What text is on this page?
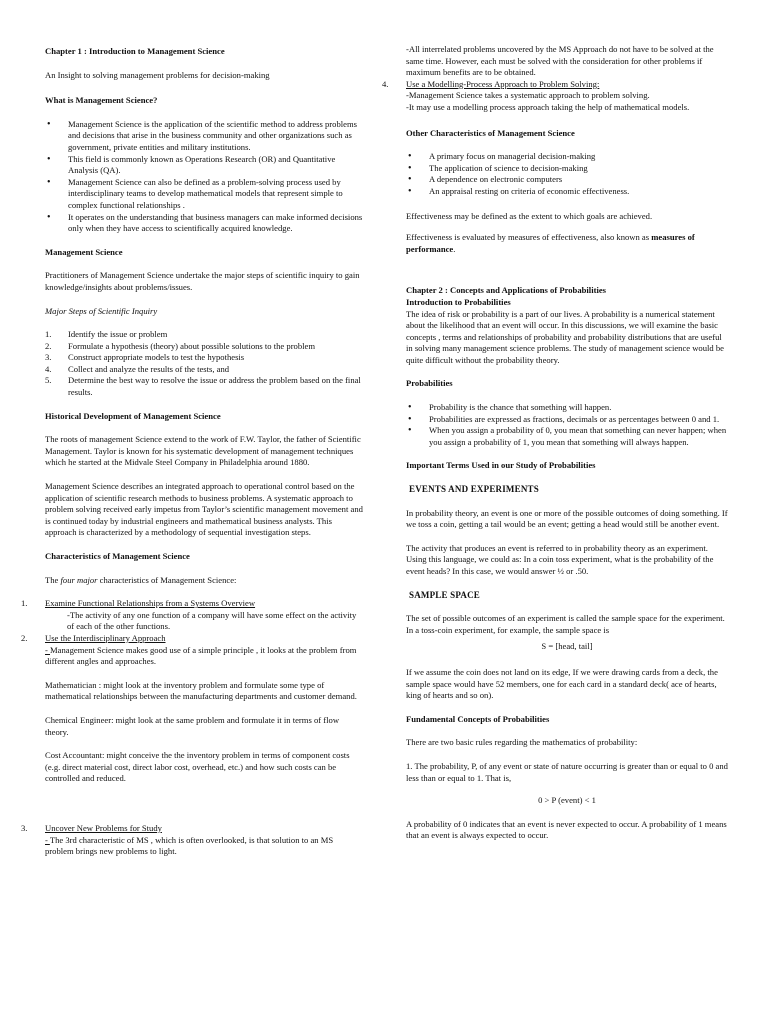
Chapter 1 : Introduction to Management Science

An Insight to solving management problems for decision-making

What is Management Science?

• Management Science is the application of the scientific method to address problems and decisions that arise in the business community and other organizations such as government, private entities and military institutions.
• This field is commonly known as Operations Research (OR) and Quantitative Analysis (QA).
• Management Science can also be defined as a problem-solving process used by interdisciplinary teams to develop mathematical models that represent simple to complex functional relationships .
• It operates on the understanding that business managers can make informed decisions only when they have access to scientifically acquired knowledge.

Management Science

Practitioners of Management Science undertake the major steps of scientific inquiry to gain knowledge/insights about problems/issues.

Major Steps of Scientific Inquiry

1. Identify the issue or problem
2. Formulate a hypothesis (theory) about possible solutions to the problem
3. Construct appropriate models to test the hypothesis
4. Collect and analyze the results of the tests, and
5. Determine the best way to resolve the issue or address the problem based on the final results.

Historical Development of Management Science

The roots of management Science extend to the work of F.W. Taylor, the father of Scientific Management. Taylor is known for his systematic development of management techniques which he started at the Midvale Steel Company in Philadelphia around 1880.

Management Science describes an integrated approach to operational control based on the application of scientific research methods to business problems. A systematic approach to problem solving received early impetus from Taylor’s scientific management movement and is continued today by industrial engineers and mathematical business analysts. This approach is characterized by a methodology of sequential investigation steps.

Characteristics of Management Science

The four major characteristics of Management Science:

1. Examine Functional Relationships from a Systems Overview

-The activity of any one function of a company will have some effect on the activity of each of the other functions.

2. Use the Interdisciplinary Approach

- Management Science makes good use of a simple principle , it looks at the problem from different angles and approaches.

Mathematician : might look at the inventory problem and formulate some type of mathematical relationships between the manufacturing departments and customer demand.

Chemical Engineer: might look at the same problem and formulate it in terms of flow theory.

Cost Accountant: might conceive the the inventory problem in terms of component costs (e.g. direct material cost, direct labor cost, overhead, etc.) and how such costs can be controlled and reduced.

3. Uncover New Problems for Study

- The 3rd characteristic of MS , which is often overlooked, is that solution to an MS problem brings new problems to light.

-All interrelated problems uncovered by the MS Approach do not have to be solved at the same time. However, each must be solved with the consideration for other problems if maximum benefits are to be obtained.

4. Use a Modelling-Process Approach to Problem Solving:

-Management Science takes a systematic approach to problem solving.

-It may use a modelling process approach taking the help of mathematical models.

Other Characteristics of Management Science

• A primary focus on managerial decision-making
• The application of science to decision-making
• A dependence on electronic computers
• An appraisal resting on criteria of economic effectiveness.

Effectiveness may be defined as the extent to which goals are achieved.

Effectiveness is evaluated by measures of effectiveness, also known as measures of performance.

Chapter 2 : Concepts and Applications of Probabilities

Introduction to Probabilities

The idea of risk or probability is a part of our lives. A probability is a numerical statement about the likelihood that an event will occur. In this discussions, we will examine the basic concepts , terms and relationships of probability and probability distributions that are useful in solving many management science problems. The study of management science would be quite difficult without the probability theory.

Probabilities

• Probability is the chance that something will happen.
• Probabilities are expressed as fractions, decimals or as percentages between 0 and 1.
• When you assign a probability of 0, you mean that something can never happen; when you assign a probability of 1, you mean that something will always happen.

Important Terms Used in our Study of Probabilities

EVENTS AND EXPERIMENTS

In probability theory, an event is one or more of the possible outcomes of doing something. If we toss a coin, getting a tail would be an event; getting a head would still be another event.

The activity that produces an event is referred to in probability theory as an experiment. Using this language, we could as: In a coin toss experiment, what is the probability of the event heads? In this case, we would answer ½ or .50.

SAMPLE SPACE

The set of possible outcomes of an experiment is called the sample space for the experiment. In a toss-coin experiment, for example, the sample space is

S = [head, tail]

If we assume the coin does not land on its edge, If we were drawing cards from a deck, the sample space would have 52 members, one for each card in a standard deck( ace of hearts, king of hearts and so on).

Fundamental Concepts of Probabilities

There are two basic rules regarding the mathematics of probability:

1. The probability, P, of any event or state of nature occurring is greater than or equal to 0 and less than or equal to 1. That is,

0 > P (event) < 1

A probability of 0 indicates that an event is never expected to occur. A probability of 1 means that an event is always expected to occur.
